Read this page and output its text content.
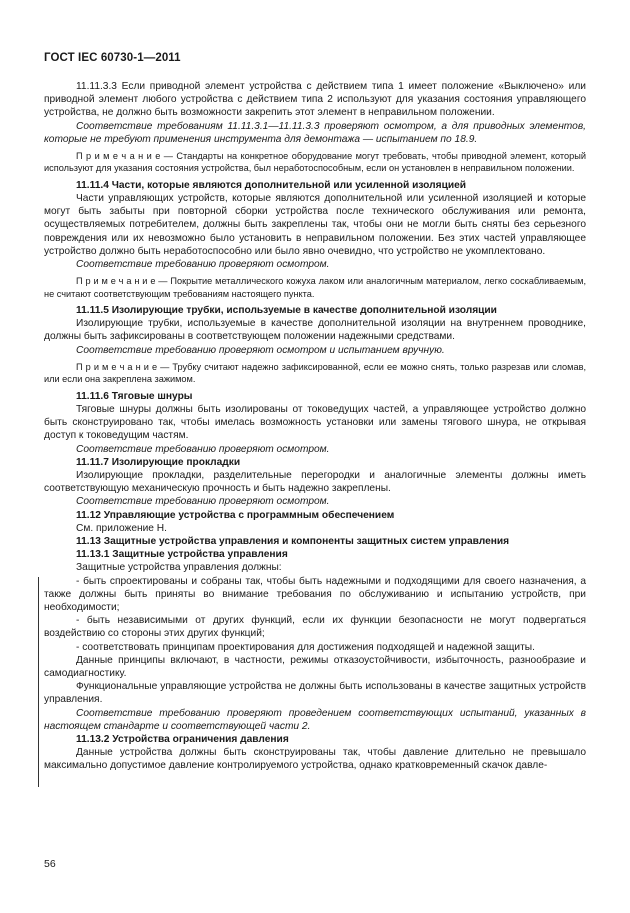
ГОСТ IEC 60730-1—2011

11.11.3.3 Если приводной элемент устройства с действием типа 1 имеет положение «Выключено» или приводной элемент любого устройства с действием типа 2 используют для указания состояния управляющего устройства, не должно быть возможности закрепить этот элемент в неправильном положении.

Соответствие требованиям 11.11.3.1—11.11.3.3 проверяют осмотром, а для приводных элементов, которые не требуют применения инструмента для демонтажа — испытанием по 18.9.

П р и м е ч а н и е — Стандарты на конкретное оборудование могут требовать, чтобы приводной элемент, который используют для указания состояния устройства, был неработоспособным, если он установлен в неправильном положении.

11.11.4 Части, которые являются дополнительной или усиленной изоляцией

Части управляющих устройств, которые являются дополнительной или усиленной изоляцией и которые могут быть забыты при повторной сборки устройства после технического обслуживания или ремонта, осуществляемых потребителем, должны быть закреплены так, чтобы они не могли быть сняты без серьезного повреждения или их невозможно было установить в неправильном положении. Без этих частей управляющее устройство должно быть неработоспособно или было явно очевидно, что устройство не укомплектовано.

Соответствие требованию проверяют осмотром.

П р и м е ч а н и е — Покрытие металлического кожуха лаком или аналогичным материалом, легко соскабливаемым, не считают соответствующим требованиям настоящего пункта.

11.11.5 Изолирующие трубки, используемые в качестве дополнительной изоляции

Изолирующие трубки, используемые в качестве дополнительной изоляции на внутреннем проводнике, должны быть зафиксированы в соответствующем положении надежными средствами.

Соответствие требованию проверяют осмотром и испытанием вручную.

П р и м е ч а н и е — Трубку считают надежно зафиксированной, если ее можно снять, только разрезав или сломав, или если она закреплена зажимом.

11.11.6 Тяговые шнуры

Тяговые шнуры должны быть изолированы от токоведущих частей, а управляющее устройство должно быть сконструировано так, чтобы имелась возможность установки или замены тягового шнура, не открывая доступ к токоведущим частям.

Соответствие требованию проверяют осмотром.

11.11.7 Изолирующие прокладки

Изолирующие прокладки, разделительные перегородки и аналогичные элементы должны иметь соответствующую механическую прочность и быть надежно закреплены.

Соответствие требованию проверяют осмотром.

11.12 Управляющие устройства с программным обеспечением

См. приложение Н.

11.13 Защитные устройства управления и компоненты защитных систем управления

11.13.1 Защитные устройства управления

Защитные устройства управления должны:

- быть спроектированы и собраны так, чтобы быть надежными и подходящими для своего назначения, а также должны быть приняты во внимание требования по обслуживанию и испытанию устройств, при необходимости;

- быть независимыми от других функций, если их функции безопасности не могут подвергаться воздействию со стороны этих других функций;

- соответствовать принципам проектирования для достижения подходящей и надежной защиты.

Данные принципы включают, в частности, режимы отказоустойчивости, избыточность, разнообразие и самодиагностику.

Функциональные управляющие устройства не должны быть использованы в качестве защитных устройств управления.

Соответствие требованию проверяют проведением соответствующих испытаний, указанных в настоящем стандарте и соответствующей части 2.

11.13.2 Устройства ограничения давления

Данные устройства должны быть сконструированы так, чтобы давление длительно не превышало максимально допустимое давление контролируемого устройства, однако кратковременный скачок давле-

56
